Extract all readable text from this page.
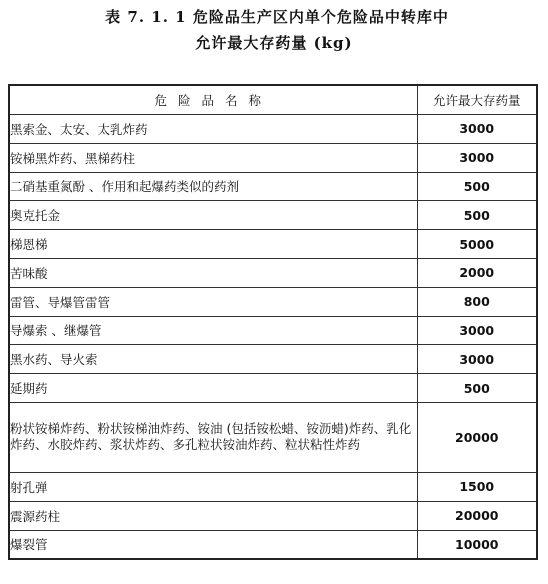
表 7. 1. 1 危险品生产区内单个危险品中转库中
允许最大存药量 (kg)
危险品名称	允许最大存药量
黑索金、太安、太乳炸药	3000
铵梯黑炸药、黑梯药柱	3000
二硝基重氮酚 、作用和起爆药类似的药剂	500
奥克托金	500
梯恩梯	5000
苦味酸	2000
雷管、导爆管雷管	800
导爆索 、继爆管	3000
黑水药、导火索	3000
延期药	500
粉状铵梯炸药、粉状铵梯油炸药、铵油 (包括铵松蜡、铵沥蜡)炸药、乳化炸药、水胶炸药、浆状炸药、多孔粒状铵油炸药、粒状粘性炸药	20000
射孔弹	1500
震源药柱	20000
爆裂管	10000
